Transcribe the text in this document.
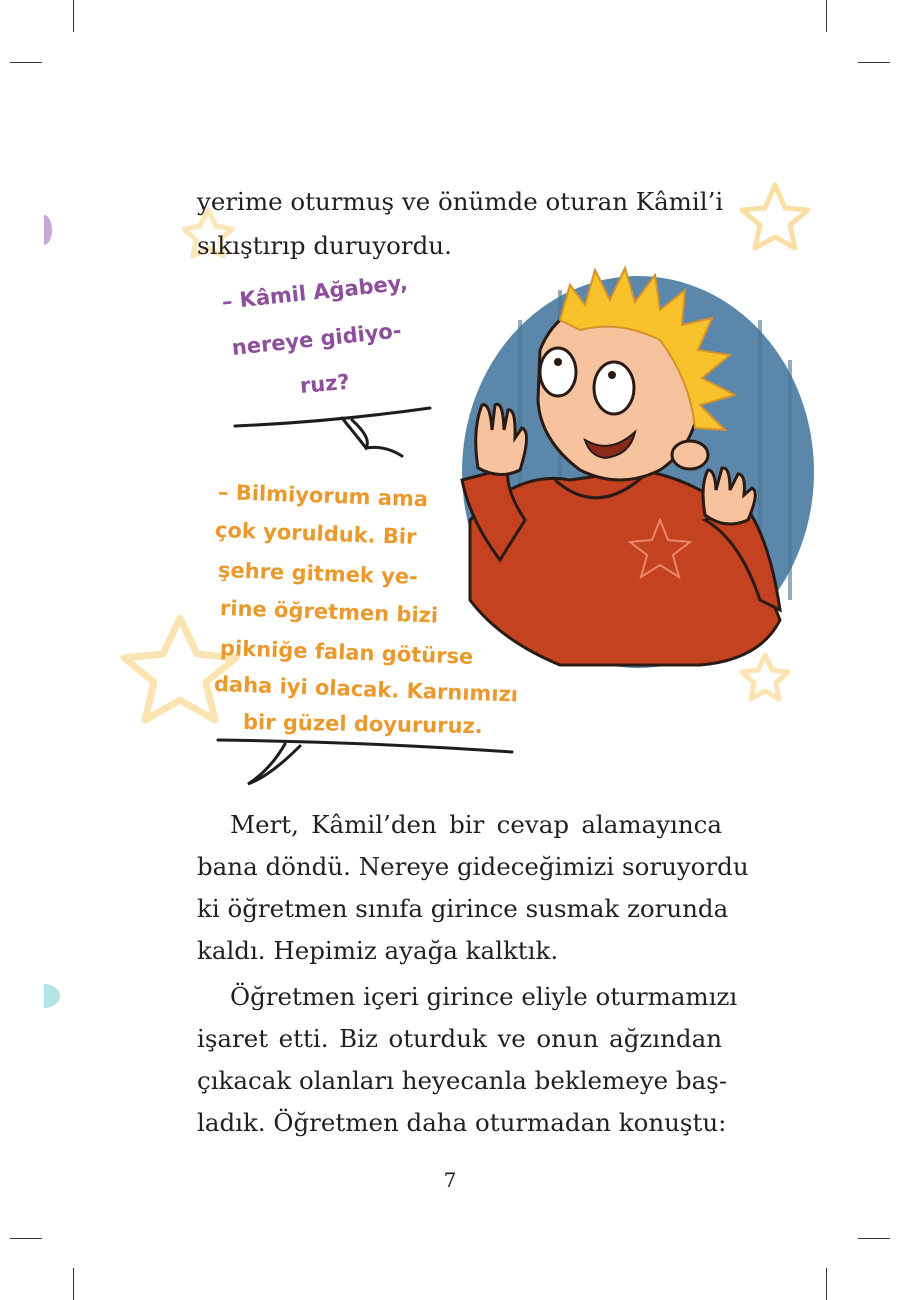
yerime oturmuş ve önümde oturan Kâmil’i
sıkıştırıp duruyordu.
– Kâmil Ağabey,
nereye gidiyo-
ruz?
– Bilmiyorum ama
çok yorulduk. Bir
şehre gitmek ye-
rine öğretmen bizi
pikniğe falan götürse
daha iyi olacak. Karnımızı
bir güzel doyururuz.
Mert, Kâmil’den bir cevap alamayınca
bana döndü. Nereye gideceğimizi soruyordu
ki öğretmen sınıfa girince susmak zorunda
kaldı. Hepimiz ayağa kalktık.
Öğretmen içeri girince eliyle oturmamızı
işaret etti. Biz oturduk ve onun ağzından
çıkacak olanları heyecanla beklemeye baş-
ladık. Öğretmen daha oturmadan konuştu:
7
